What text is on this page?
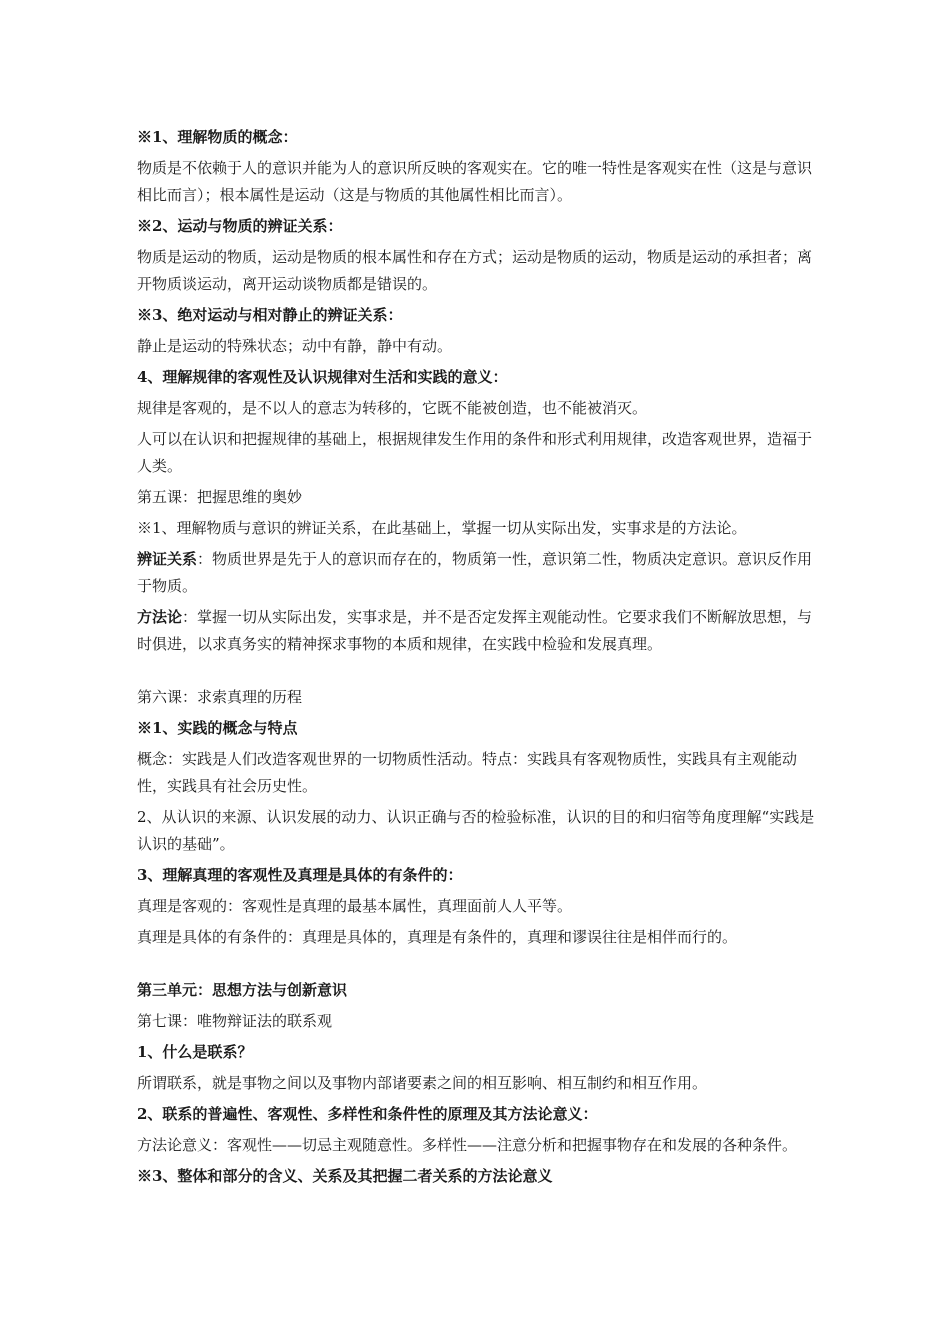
※1、理解物质的概念：

物质是不依赖于人的意识并能为人的意识所反映的客观实在。它的唯一特性是客观实在性（这是与意识相比而言）；根本属性是运动（这是与物质的其他属性相比而言）。

※2、运动与物质的辨证关系：

物质是运动的物质，运动是物质的根本属性和存在方式；运动是物质的运动，物质是运动的承担者；离开物质谈运动，离开运动谈物质都是错误的。

※3、绝对运动与相对静止的辨证关系：

静止是运动的特殊状态；动中有静，静中有动。

4、理解规律的客观性及认识规律对生活和实践的意义：

规律是客观的，是不以人的意志为转移的，它既不能被创造，也不能被消灭。

人可以在认识和把握规律的基础上，根据规律发生作用的条件和形式利用规律，改造客观世界，造福于人类。

第五课：把握思维的奥妙

※1、理解物质与意识的辨证关系，在此基础上，掌握一切从实际出发，实事求是的方法论。

辨证关系：物质世界是先于人的意识而存在的，物质第一性，意识第二性，物质决定意识。意识反作用于物质。

方法论：掌握一切从实际出发，实事求是，并不是否定发挥主观能动性。它要求我们不断解放思想，与时俱进，以求真务实的精神探求事物的本质和规律，在实践中检验和发展真理。

第六课：求索真理的历程

※1、实践的概念与特点

概念：实践是人们改造客观世界的一切物质性活动。特点：实践具有客观物质性，实践具有主观能动性，实践具有社会历史性。

2、从认识的来源、认识发展的动力、认识正确与否的检验标准，认识的目的和归宿等角度理解“实践是认识的基础”。

3、理解真理的客观性及真理是具体的有条件的：

真理是客观的：客观性是真理的最基本属性，真理面前人人平等。

真理是具体的有条件的：真理是具体的，真理是有条件的，真理和谬误往往是相伴而行的。

第三单元：思想方法与创新意识

第七课：唯物辩证法的联系观

1、什么是联系？

所谓联系，就是事物之间以及事物内部诸要素之间的相互影响、相互制约和相互作用。

2、联系的普遍性、客观性、多样性和条件性的原理及其方法论意义：

方法论意义：客观性——切忌主观随意性。多样性——注意分析和把握事物存在和发展的各种条件。

※3、整体和部分的含义、关系及其把握二者关系的方法论意义
